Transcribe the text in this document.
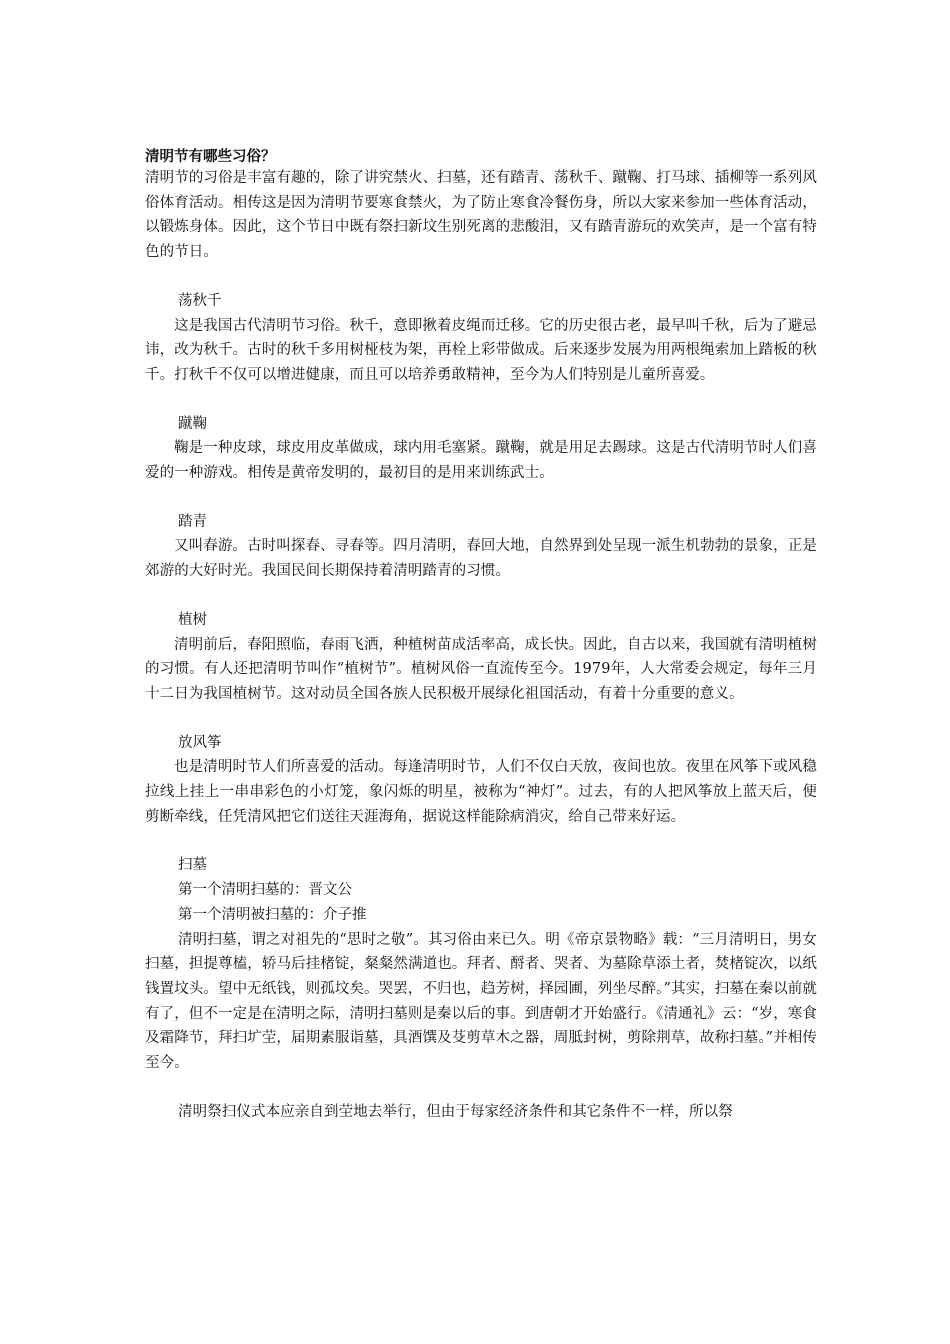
清明节有哪些习俗？

清明节的习俗是丰富有趣的，除了讲究禁火、扫墓，还有踏青、荡秋千、蹴鞠、打马球、插柳等一系列风俗体育活动。相传这是因为清明节要寒食禁火，为了防止寒食冷餐伤身，所以大家来参加一些体育活动，以锻炼身体。因此，这个节日中既有祭扫新坟生别死离的悲酸泪，又有踏青游玩的欢笑声，是一个富有特色的节日。

荡秋千

这是我国古代清明节习俗。秋千，意即揪着皮绳而迁移。它的历史很古老，最早叫千秋，后为了避忌讳，改为秋千。古时的秋千多用树桠枝为架，再栓上彩带做成。后来逐步发展为用两根绳索加上踏板的秋千。打秋千不仅可以增进健康，而且可以培养勇敢精神，至今为人们特别是儿童所喜爱。

蹴鞠

鞠是一种皮球，球皮用皮革做成，球内用毛塞紧。蹴鞠，就是用足去踢球。这是古代清明节时人们喜爱的一种游戏。相传是黄帝发明的，最初目的是用来训练武士。

踏青

又叫春游。古时叫探春、寻春等。四月清明，春回大地，自然界到处呈现一派生机勃勃的景象，正是郊游的大好时光。我国民间长期保持着清明踏青的习惯。

植树

清明前后，春阳照临，春雨飞洒，种植树苗成活率高，成长快。因此，自古以来，我国就有清明植树的习惯。有人还把清明节叫作“植树节”。植树风俗一直流传至今。1979年，人大常委会规定，每年三月十二日为我国植树节。这对动员全国各族人民积极开展绿化祖国活动，有着十分重要的意义。

放风筝

也是清明时节人们所喜爱的活动。每逢清明时节，人们不仅白天放，夜间也放。夜里在风筝下或风稳拉线上挂上一串串彩色的小灯笼，象闪烁的明星，被称为“神灯”。过去，有的人把风筝放上蓝天后，便剪断牵线，任凭清风把它们送往天涯海角，据说这样能除病消灾，给自己带来好运。

扫墓
第一个清明扫墓的：晋文公
第一个清明被扫墓的：介子推

清明扫墓，谓之对祖先的“思时之敬”。其习俗由来已久。明《帝京景物略》载：“三月清明日，男女扫墓，担提尊榼，轿马后挂楮锭，粲粲然满道也。拜者、酹者、哭者、为墓除草添土者，焚楮锭次，以纸钱置坟头。望中无纸钱，则孤坟矣。哭罢，不归也，趋芳树，择园圃，列坐尽醉。”其实，扫墓在秦以前就有了，但不一定是在清明之际，清明扫墓则是秦以后的事。到唐朝才开始盛行。《清通礼》云：“岁，寒食及霜降节，拜扫圹茔，届期素服诣墓，具酒馔及芟剪草木之器，周胝封树，剪除荆草，故称扫墓。”并相传至今。

清明祭扫仪式本应亲自到茔地去举行，但由于每家经济条件和其它条件不一样，所以祭
